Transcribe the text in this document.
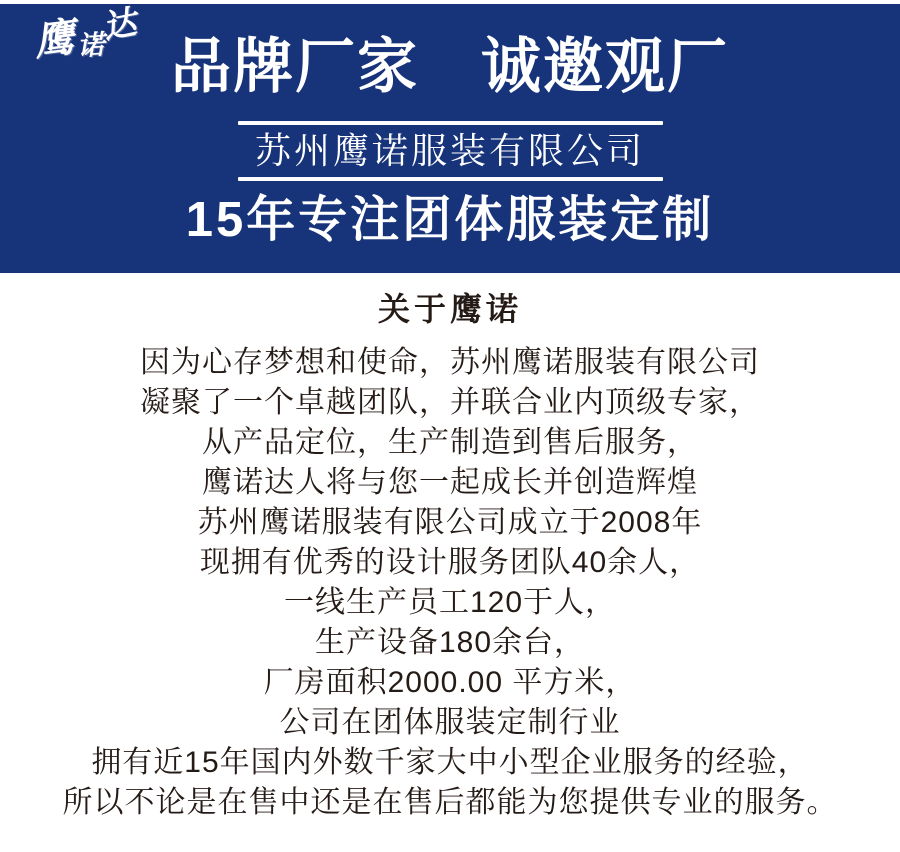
鹰诺达
品牌厂家　诚邀观厂
苏州鹰诺服装有限公司
15年专注团体服装定制
关于鹰诺

因为心存梦想和使命，苏州鹰诺服装有限公司

凝聚了一个卓越团队，并联合业内顶级专家，

从产品定位，生产制造到售后服务，

鹰诺达人将与您一起成长并创造辉煌

苏州鹰诺服装有限公司成立于2008年

现拥有优秀的设计服务团队40余人，

一线生产员工120于人，

生产设备180余台，

厂房面积2000.00 平方米，

公司在团体服装定制行业

拥有近15年国内外数千家大中小型企业服务的经验，

所以不论是在售中还是在售后都能为您提供专业的服务。
